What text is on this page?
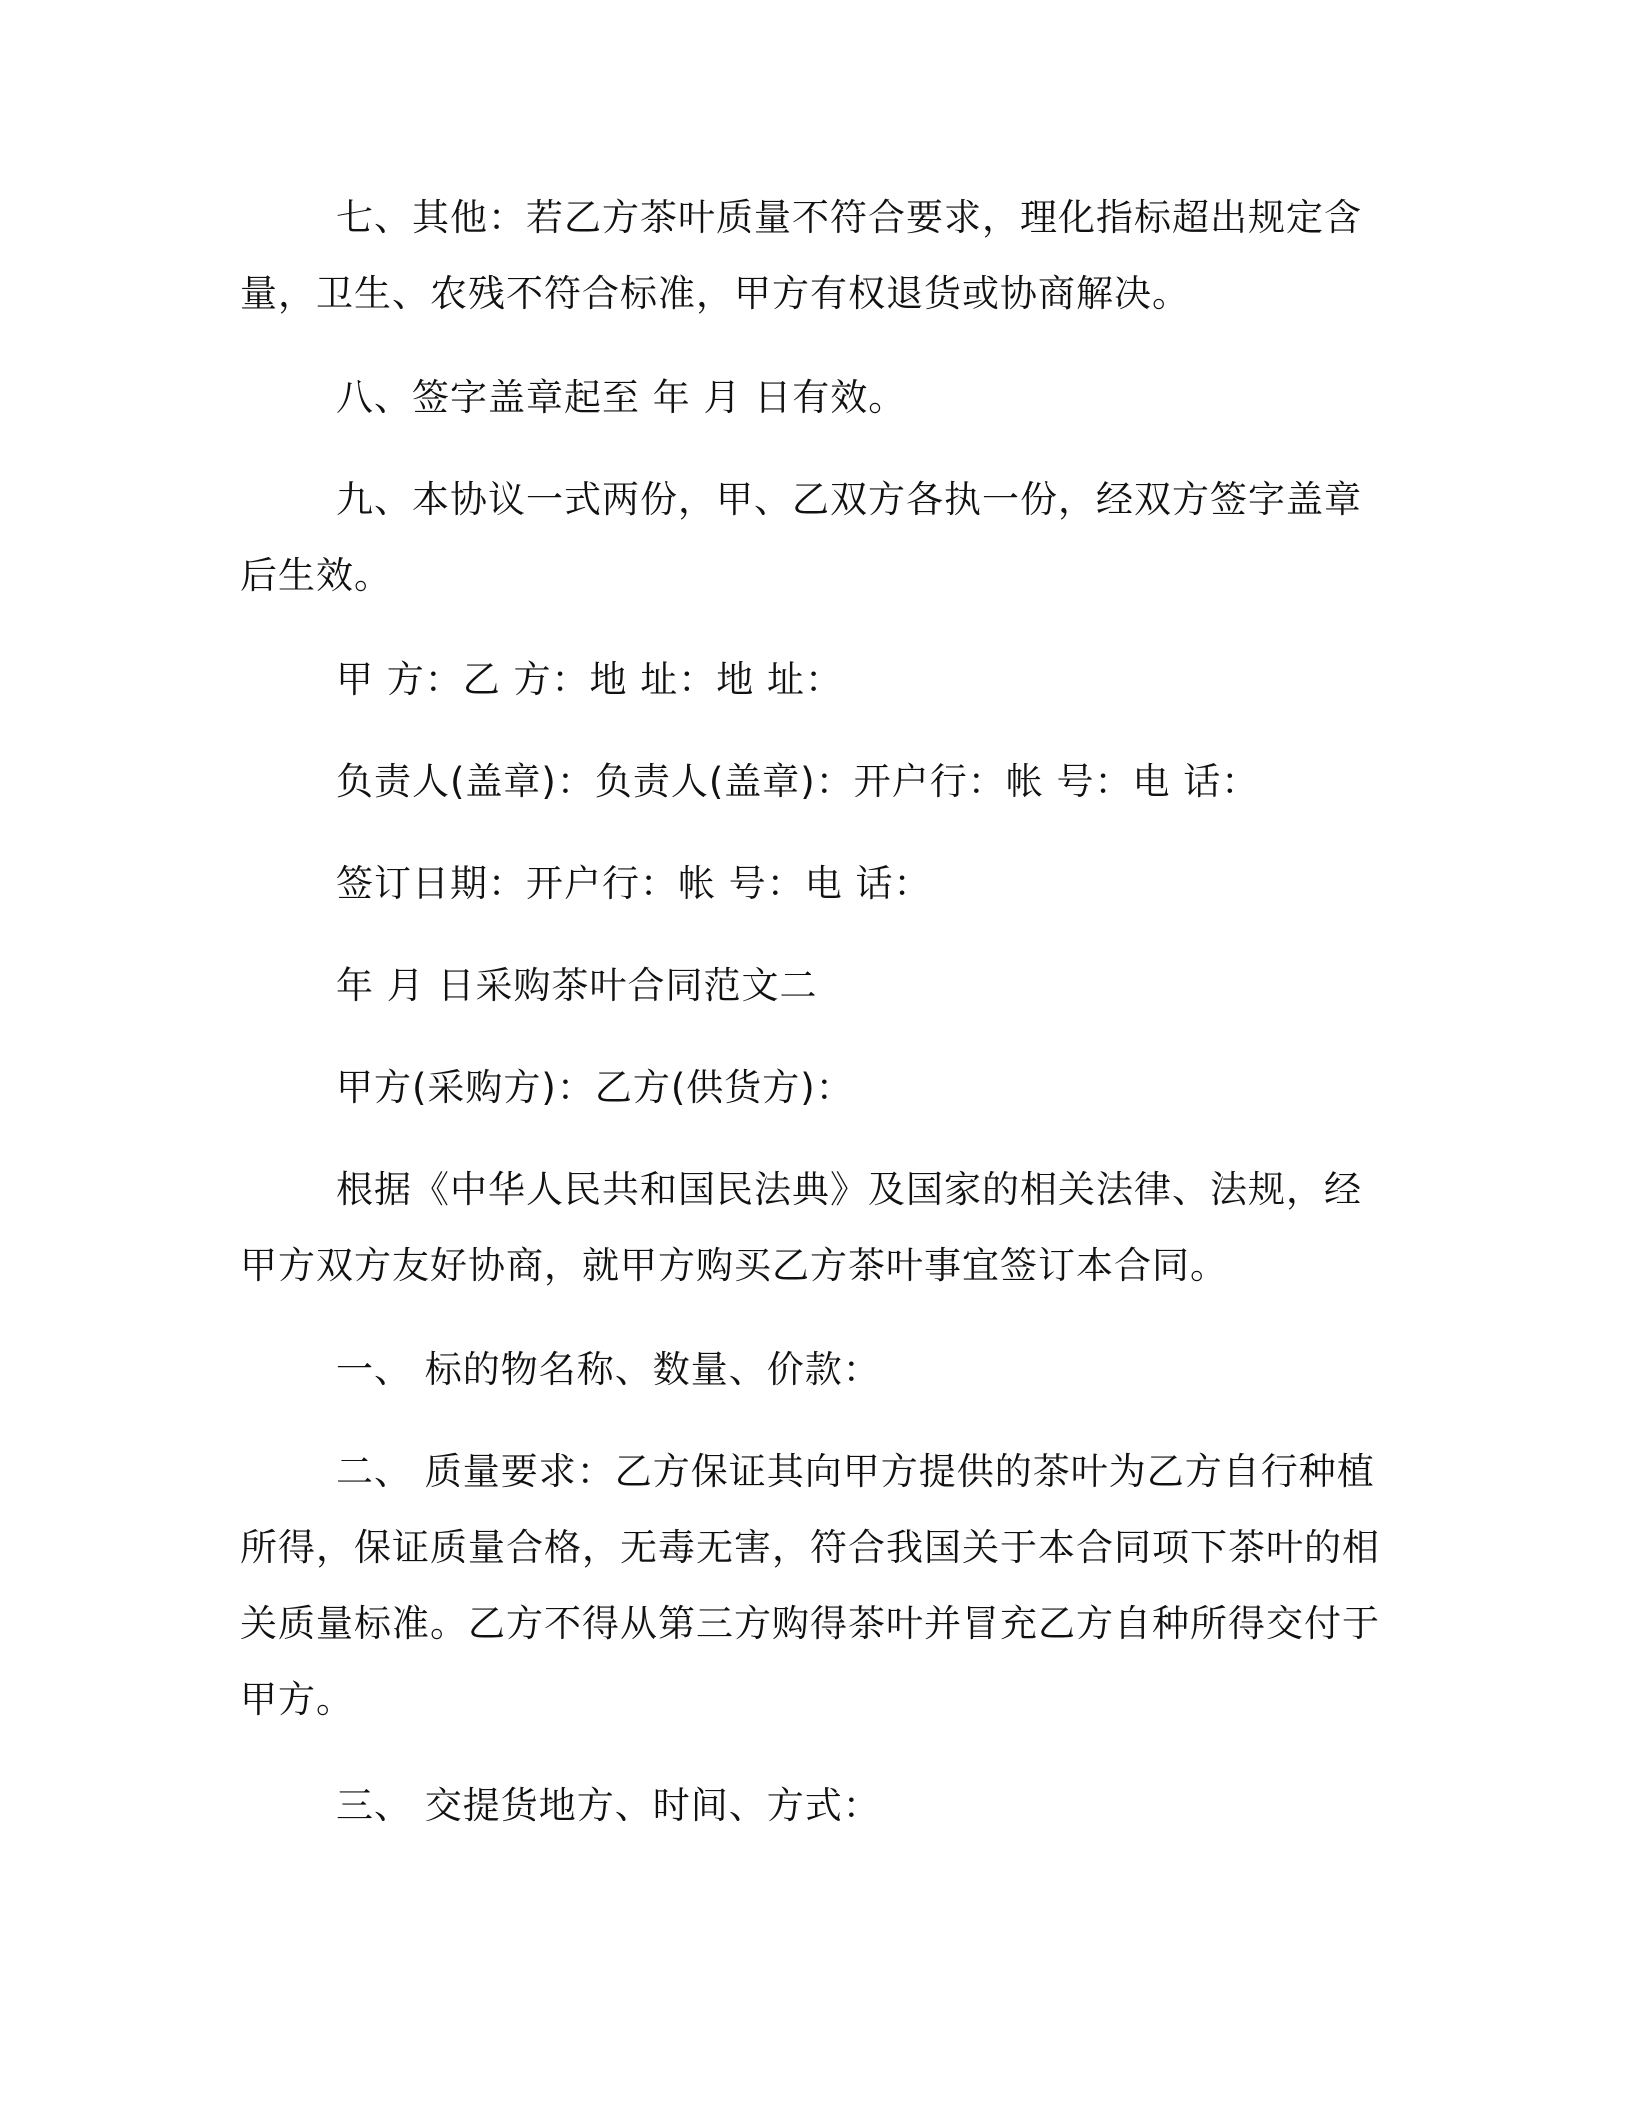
七、其他：若乙方茶叶质量不符合要求，理化指标超出规定含量，卫生、农残不符合标准，甲方有权退货或协商解决。

八、签字盖章起至 年 月 日有效。

九、本协议一式两份，甲、乙双方各执一份，经双方签字盖章后生效。

甲 方：乙 方：地 址：地 址：

负责人(盖章)：负责人(盖章)：开户行：帐 号：电 话：

签订日期：开户行：帐 号：电 话：

年 月 日采购茶叶合同范文二

甲方(采购方)：乙方(供货方)：

根据《中华人民共和国民法典》及国家的相关法律、法规，经甲方双方友好协商，就甲方购买乙方茶叶事宜签订本合同。

一、 标的物名称、数量、价款：

二、 质量要求：乙方保证其向甲方提供的茶叶为乙方自行种植所得，保证质量合格，无毒无害，符合我国关于本合同项下茶叶的相关质量标准。乙方不得从第三方购得茶叶并冒充乙方自种所得交付于甲方。

三、 交提货地方、时间、方式：
